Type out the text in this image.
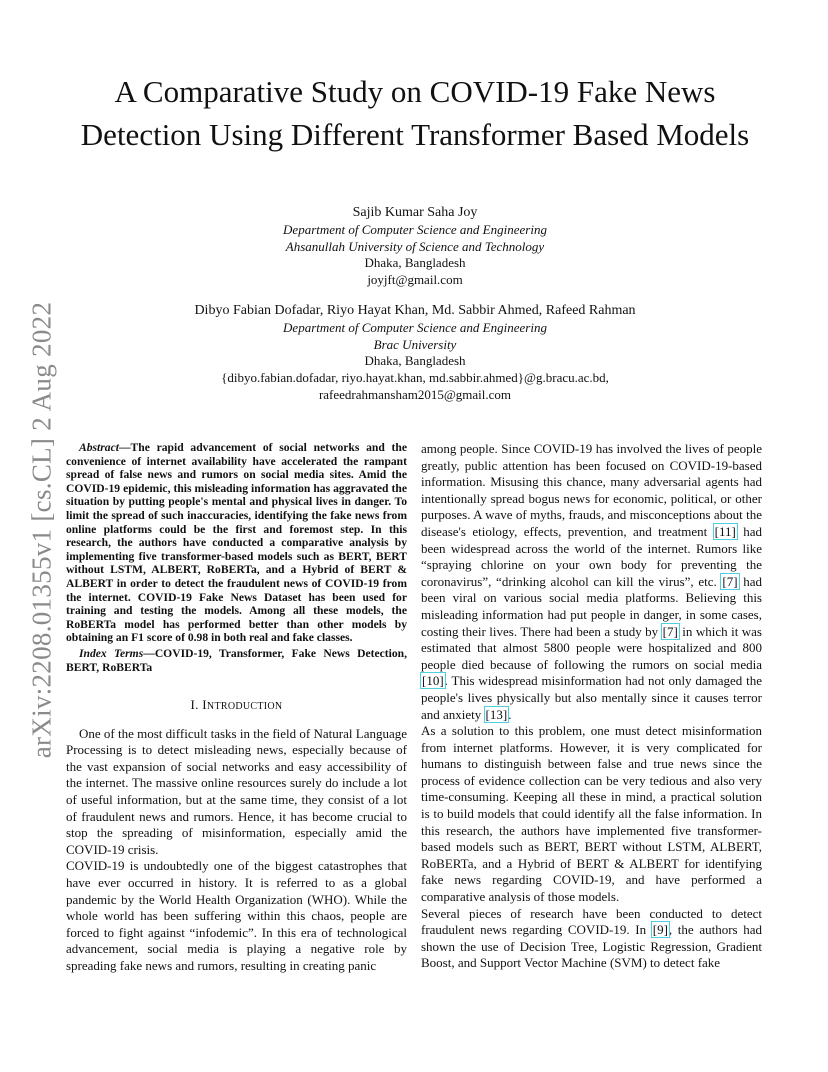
arXiv:2208.01355v1 [cs.CL] 2 Aug 2022
A Comparative Study on COVID-19 Fake News Detection Using Different Transformer Based Models
Sajib Kumar Saha Joy
Department of Computer Science and Engineering
Ahsanullah University of Science and Technology
Dhaka, Bangladesh
joyjft@gmail.com
Dibyo Fabian Dofadar, Riyo Hayat Khan, Md. Sabbir Ahmed, Rafeed Rahman
Department of Computer Science and Engineering
Brac University
Dhaka, Bangladesh
{dibyo.fabian.dofadar, riyo.hayat.khan, md.sabbir.ahmed}@g.bracu.ac.bd,
rafeedrahmansham2015@gmail.com

Abstract—The rapid advancement of social networks and the convenience of internet availability have accelerated the rampant spread of false news and rumors on social media sites. Amid the COVID-19 epidemic, this misleading information has aggravated the situation by putting people's mental and physical lives in danger. To limit the spread of such inaccuracies, identifying the fake news from online platforms could be the first and foremost step. In this research, the authors have conducted a comparative analysis by implementing five transformer-based models such as BERT, BERT without LSTM, ALBERT, RoBERTa, and a Hybrid of BERT & ALBERT in order to detect the fraudulent news of COVID-19 from the internet. COVID-19 Fake News Dataset has been used for training and testing the models. Among all these models, the RoBERTa model has performed better than other models by obtaining an F1 score of 0.98 in both real and fake classes.

Index Terms—COVID-19, Transformer, Fake News Detection, BERT, RoBERTa

I. INTRODUCTION

One of the most difficult tasks in the field of Natural Language Processing is to detect misleading news, especially because of the vast expansion of social networks and easy accessibility of the internet. The massive online resources surely do include a lot of useful information, but at the same time, they consist of a lot of fraudulent news and rumors. Hence, it has become crucial to stop the spreading of misinformation, especially amid the COVID-19 crisis.

COVID-19 is undoubtedly one of the biggest catastrophes that have ever occurred in history. It is referred to as a global pandemic by the World Health Organization (WHO). While the whole world has been suffering within this chaos, people are forced to fight against “infodemic”. In this era of technological advancement, social media is playing a negative role by spreading fake news and rumors, resulting in creating panic

among people. Since COVID-19 has involved the lives of people greatly, public attention has been focused on COVID-19-based information. Misusing this chance, many adversarial agents had intentionally spread bogus news for economic, political, or other purposes. A wave of myths, frauds, and misconceptions about the disease's etiology, effects, prevention, and treatment [11] had been widespread across the world of the internet. Rumors like “spraying chlorine on your own body for preventing the coronavirus”, “drinking alcohol can kill the virus”, etc. [7] had been viral on various social media platforms. Believing this misleading information had put people in danger, in some cases, costing their lives. There had been a study by [7] in which it was estimated that almost 5800 people were hospitalized and 800 people died because of following the rumors on social media [10]. This widespread misinformation had not only damaged the people's lives physically but also mentally since it causes terror and anxiety [13].

As a solution to this problem, one must detect misinformation from internet platforms. However, it is very complicated for humans to distinguish between false and true news since the process of evidence collection can be very tedious and also very time-consuming. Keeping all these in mind, a practical solution is to build models that could identify all the false information. In this research, the authors have implemented five transformer-based models such as BERT, BERT without LSTM, ALBERT, RoBERTa, and a Hybrid of BERT & ALBERT for identifying fake news regarding COVID-19, and have performed a comparative analysis of those models.

Several pieces of research have been conducted to detect fraudulent news regarding COVID-19. In [9], the authors had shown the use of Decision Tree, Logistic Regression, Gradient Boost, and Support Vector Machine (SVM) to detect fake
